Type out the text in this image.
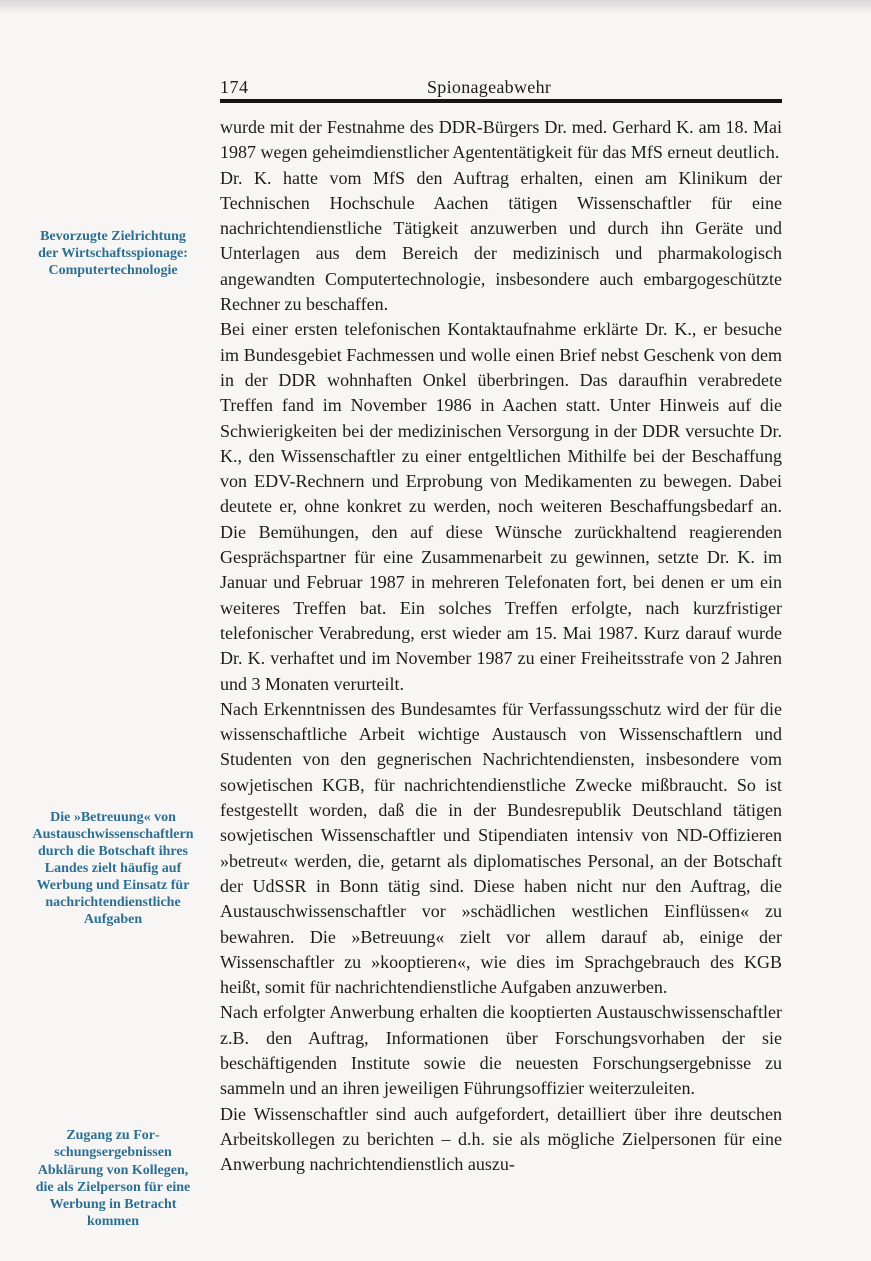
174	Spionageabwehr
Bevorzugte Zielrichtung der Wirtschaftsspionage: Computertechnologie
Die »Betreuung« von Austauschwissenschaftlern durch die Botschaft ihres Landes zielt häufig auf Werbung und Einsatz für nachrichtendienstliche Aufgaben
Zugang zu Forschungsergebnissen
Abklärung von Kollegen, die als Zielperson für eine Werbung in Betracht kommen

wurde mit der Festnahme des DDR-Bürgers Dr. med. Gerhard K. am 18. Mai 1987 wegen geheimdienstlicher Agententätigkeit für das MfS erneut deutlich.

Dr. K. hatte vom MfS den Auftrag erhalten, einen am Klinikum der Technischen Hochschule Aachen tätigen Wissenschaftler für eine nachrichtendienstliche Tätigkeit anzuwerben und durch ihn Geräte und Unterlagen aus dem Bereich der medizinisch und pharmakologisch angewandten Computertechnologie, insbesondere auch embargogeschützte Rechner zu beschaffen.

Bei einer ersten telefonischen Kontaktaufnahme erklärte Dr. K., er besuche im Bundesgebiet Fachmessen und wolle einen Brief nebst Geschenk von dem in der DDR wohnhaften Onkel überbringen. Das daraufhin verabredete Treffen fand im November 1986 in Aachen statt. Unter Hinweis auf die Schwierigkeiten bei der medizinischen Versorgung in der DDR versuchte Dr. K., den Wissenschaftler zu einer entgeltlichen Mithilfe bei der Beschaffung von EDV-Rechnern und Erprobung von Medikamenten zu bewegen. Dabei deutete er, ohne konkret zu werden, noch weiteren Beschaffungsbedarf an. Die Bemühungen, den auf diese Wünsche zurückhaltend reagierenden Gesprächspartner für eine Zusammenarbeit zu gewinnen, setzte Dr. K. im Januar und Februar 1987 in mehreren Telefonaten fort, bei denen er um ein weiteres Treffen bat. Ein solches Treffen erfolgte, nach kurzfristiger telefonischer Verabredung, erst wieder am 15. Mai 1987. Kurz darauf wurde Dr. K. verhaftet und im November 1987 zu einer Freiheitsstrafe von 2 Jahren und 3 Monaten verurteilt.

Nach Erkenntnissen des Bundesamtes für Verfassungsschutz wird der für die wissenschaftliche Arbeit wichtige Austausch von Wissenschaftlern und Studenten von den gegnerischen Nachrichtendiensten, insbesondere vom sowjetischen KGB, für nachrichtendienstliche Zwecke mißbraucht. So ist festgestellt worden, daß die in der Bundesrepublik Deutschland tätigen sowjetischen Wissenschaftler und Stipendiaten intensiv von ND-Offizieren »betreut« werden, die, getarnt als diplomatisches Personal, an der Botschaft der UdSSR in Bonn tätig sind. Diese haben nicht nur den Auftrag, die Austauschwissenschaftler vor »schädlichen westlichen Einflüssen« zu bewahren. Die »Betreuung« zielt vor allem darauf ab, einige der Wissenschaftler zu »kooptieren«, wie dies im Sprachgebrauch des KGB heißt, somit für nachrichtendienstliche Aufgaben anzuwerben.

Nach erfolgter Anwerbung erhalten die kooptierten Austauschwissenschaftler z.B. den Auftrag, Informationen über Forschungsvorhaben der sie beschäftigenden Institute sowie die neuesten Forschungsergebnisse zu sammeln und an ihren jeweiligen Führungsoffizier weiterzuleiten.

Die Wissenschaftler sind auch aufgefordert, detailliert über ihre deutschen Arbeitskollegen zu berichten – d.h. sie als mögliche Zielpersonen für eine Anwerbung nachrichtendienstlich auszu-
